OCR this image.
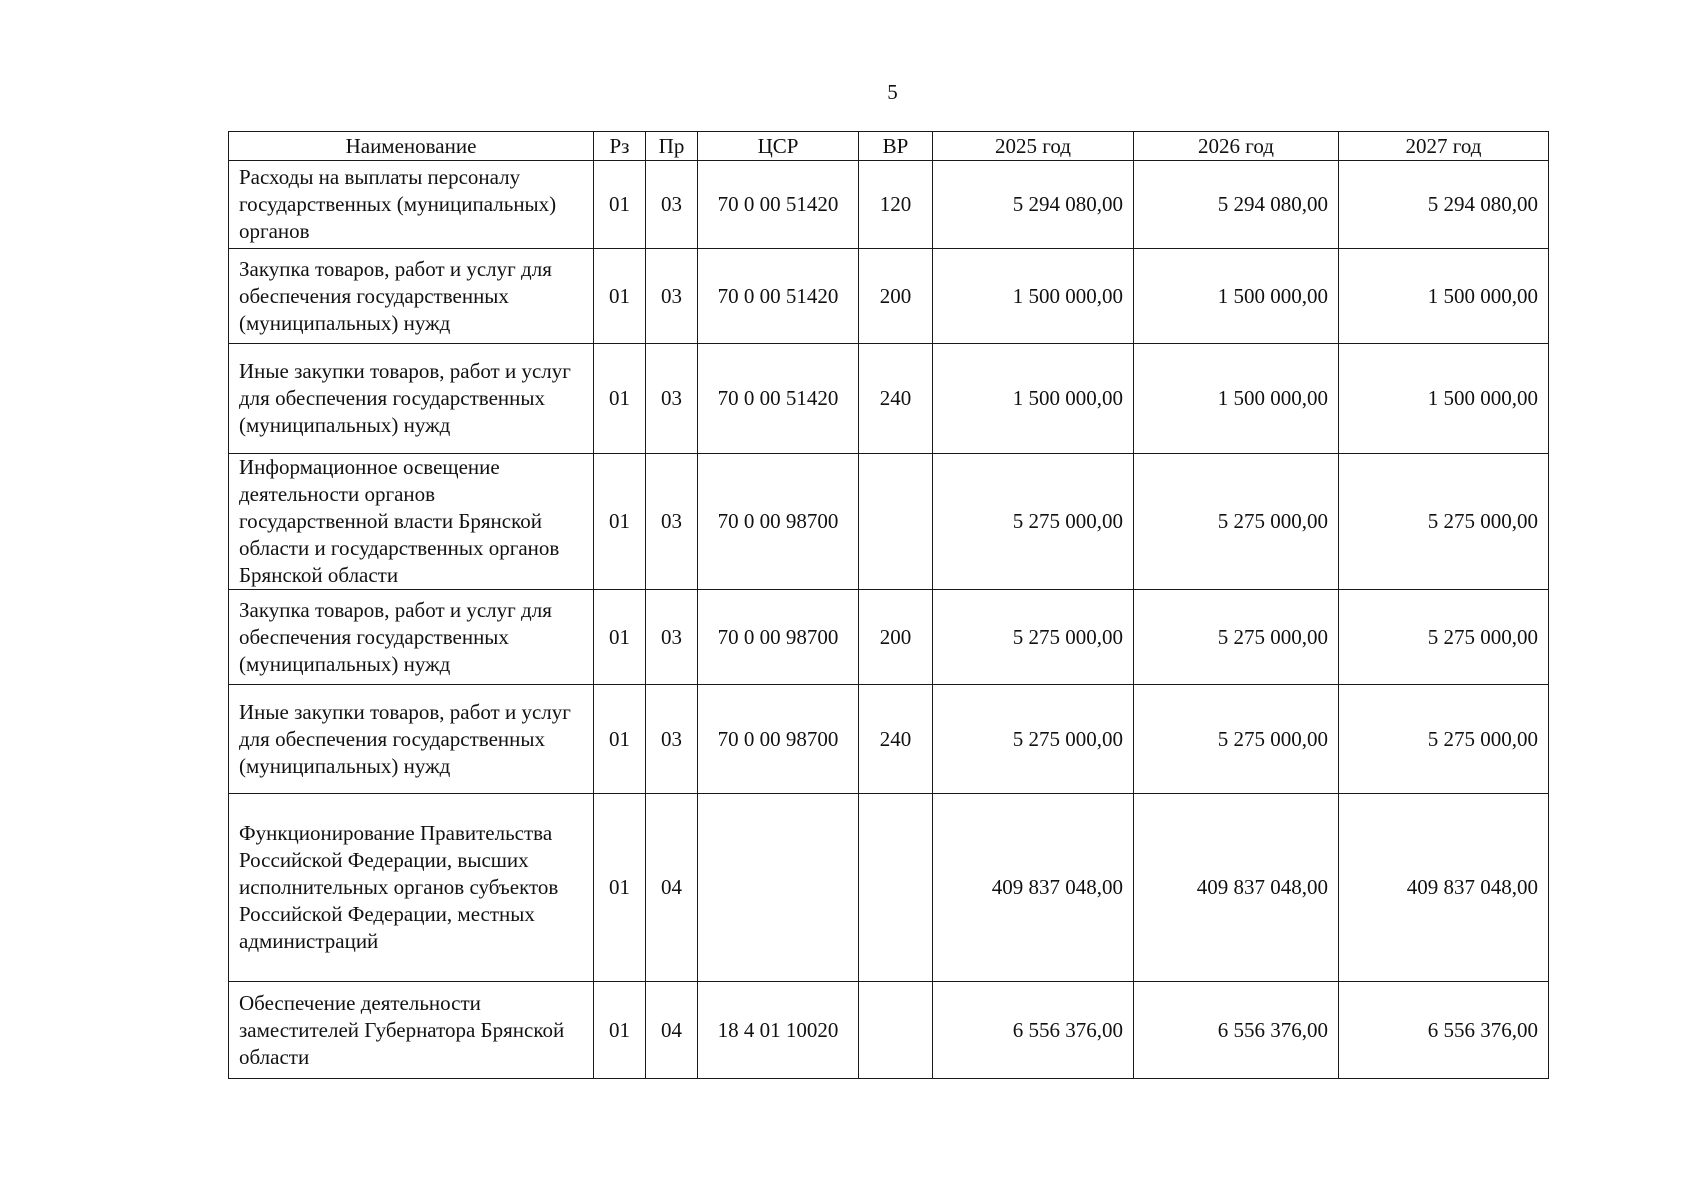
5
Наименование	Рз	Пр	ЦСР	ВР	2025 год	2026 год	2027 год
Расходы на выплаты персоналу государственных (муниципальных) органов	01	03	70 0 00 51420	120	5 294 080,00	5 294 080,00	5 294 080,00
Закупка товаров, работ и услуг для обеспечения государственных (муниципальных) нужд	01	03	70 0 00 51420	200	1 500 000,00	1 500 000,00	1 500 000,00
Иные закупки товаров, работ и услуг для обеспечения государственных (муниципальных) нужд	01	03	70 0 00 51420	240	1 500 000,00	1 500 000,00	1 500 000,00
Информационное освещение деятельности органов государственной власти Брянской области и государственных органов Брянской области	01	03	70 0 00 98700		5 275 000,00	5 275 000,00	5 275 000,00
Закупка товаров, работ и услуг для обеспечения государственных (муниципальных) нужд	01	03	70 0 00 98700	200	5 275 000,00	5 275 000,00	5 275 000,00
Иные закупки товаров, работ и услуг для обеспечения государственных (муниципальных) нужд	01	03	70 0 00 98700	240	5 275 000,00	5 275 000,00	5 275 000,00
Функционирование Правительства Российской Федерации, высших исполнительных органов субъектов Российской Федерации, местных администраций	01	04			409 837 048,00	409 837 048,00	409 837 048,00
Обеспечение деятельности заместителей Губернатора Брянской области	01	04	18 4 01 10020		6 556 376,00	6 556 376,00	6 556 376,00
